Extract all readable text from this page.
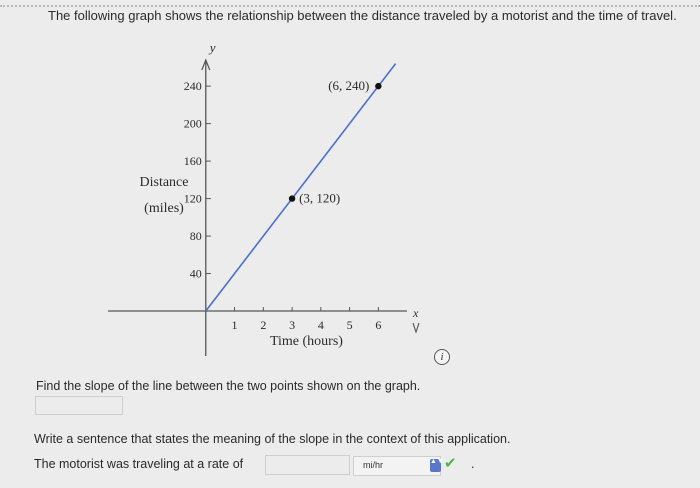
The following graph shows the relationship between the distance traveled by a motorist and the time of travel.
y
x
40
80
120
160
200
240
1 2 3 4 5 6
Time (hours)
Distance
(miles)
(3, 120)
(6, 240)
i
Find the slope of the line between the two points shown on the graph.
Write a sentence that states the meaning of the slope in the context of this application.
The motorist was traveling at a rate of	mi/hr	▲▼ ✔ .
